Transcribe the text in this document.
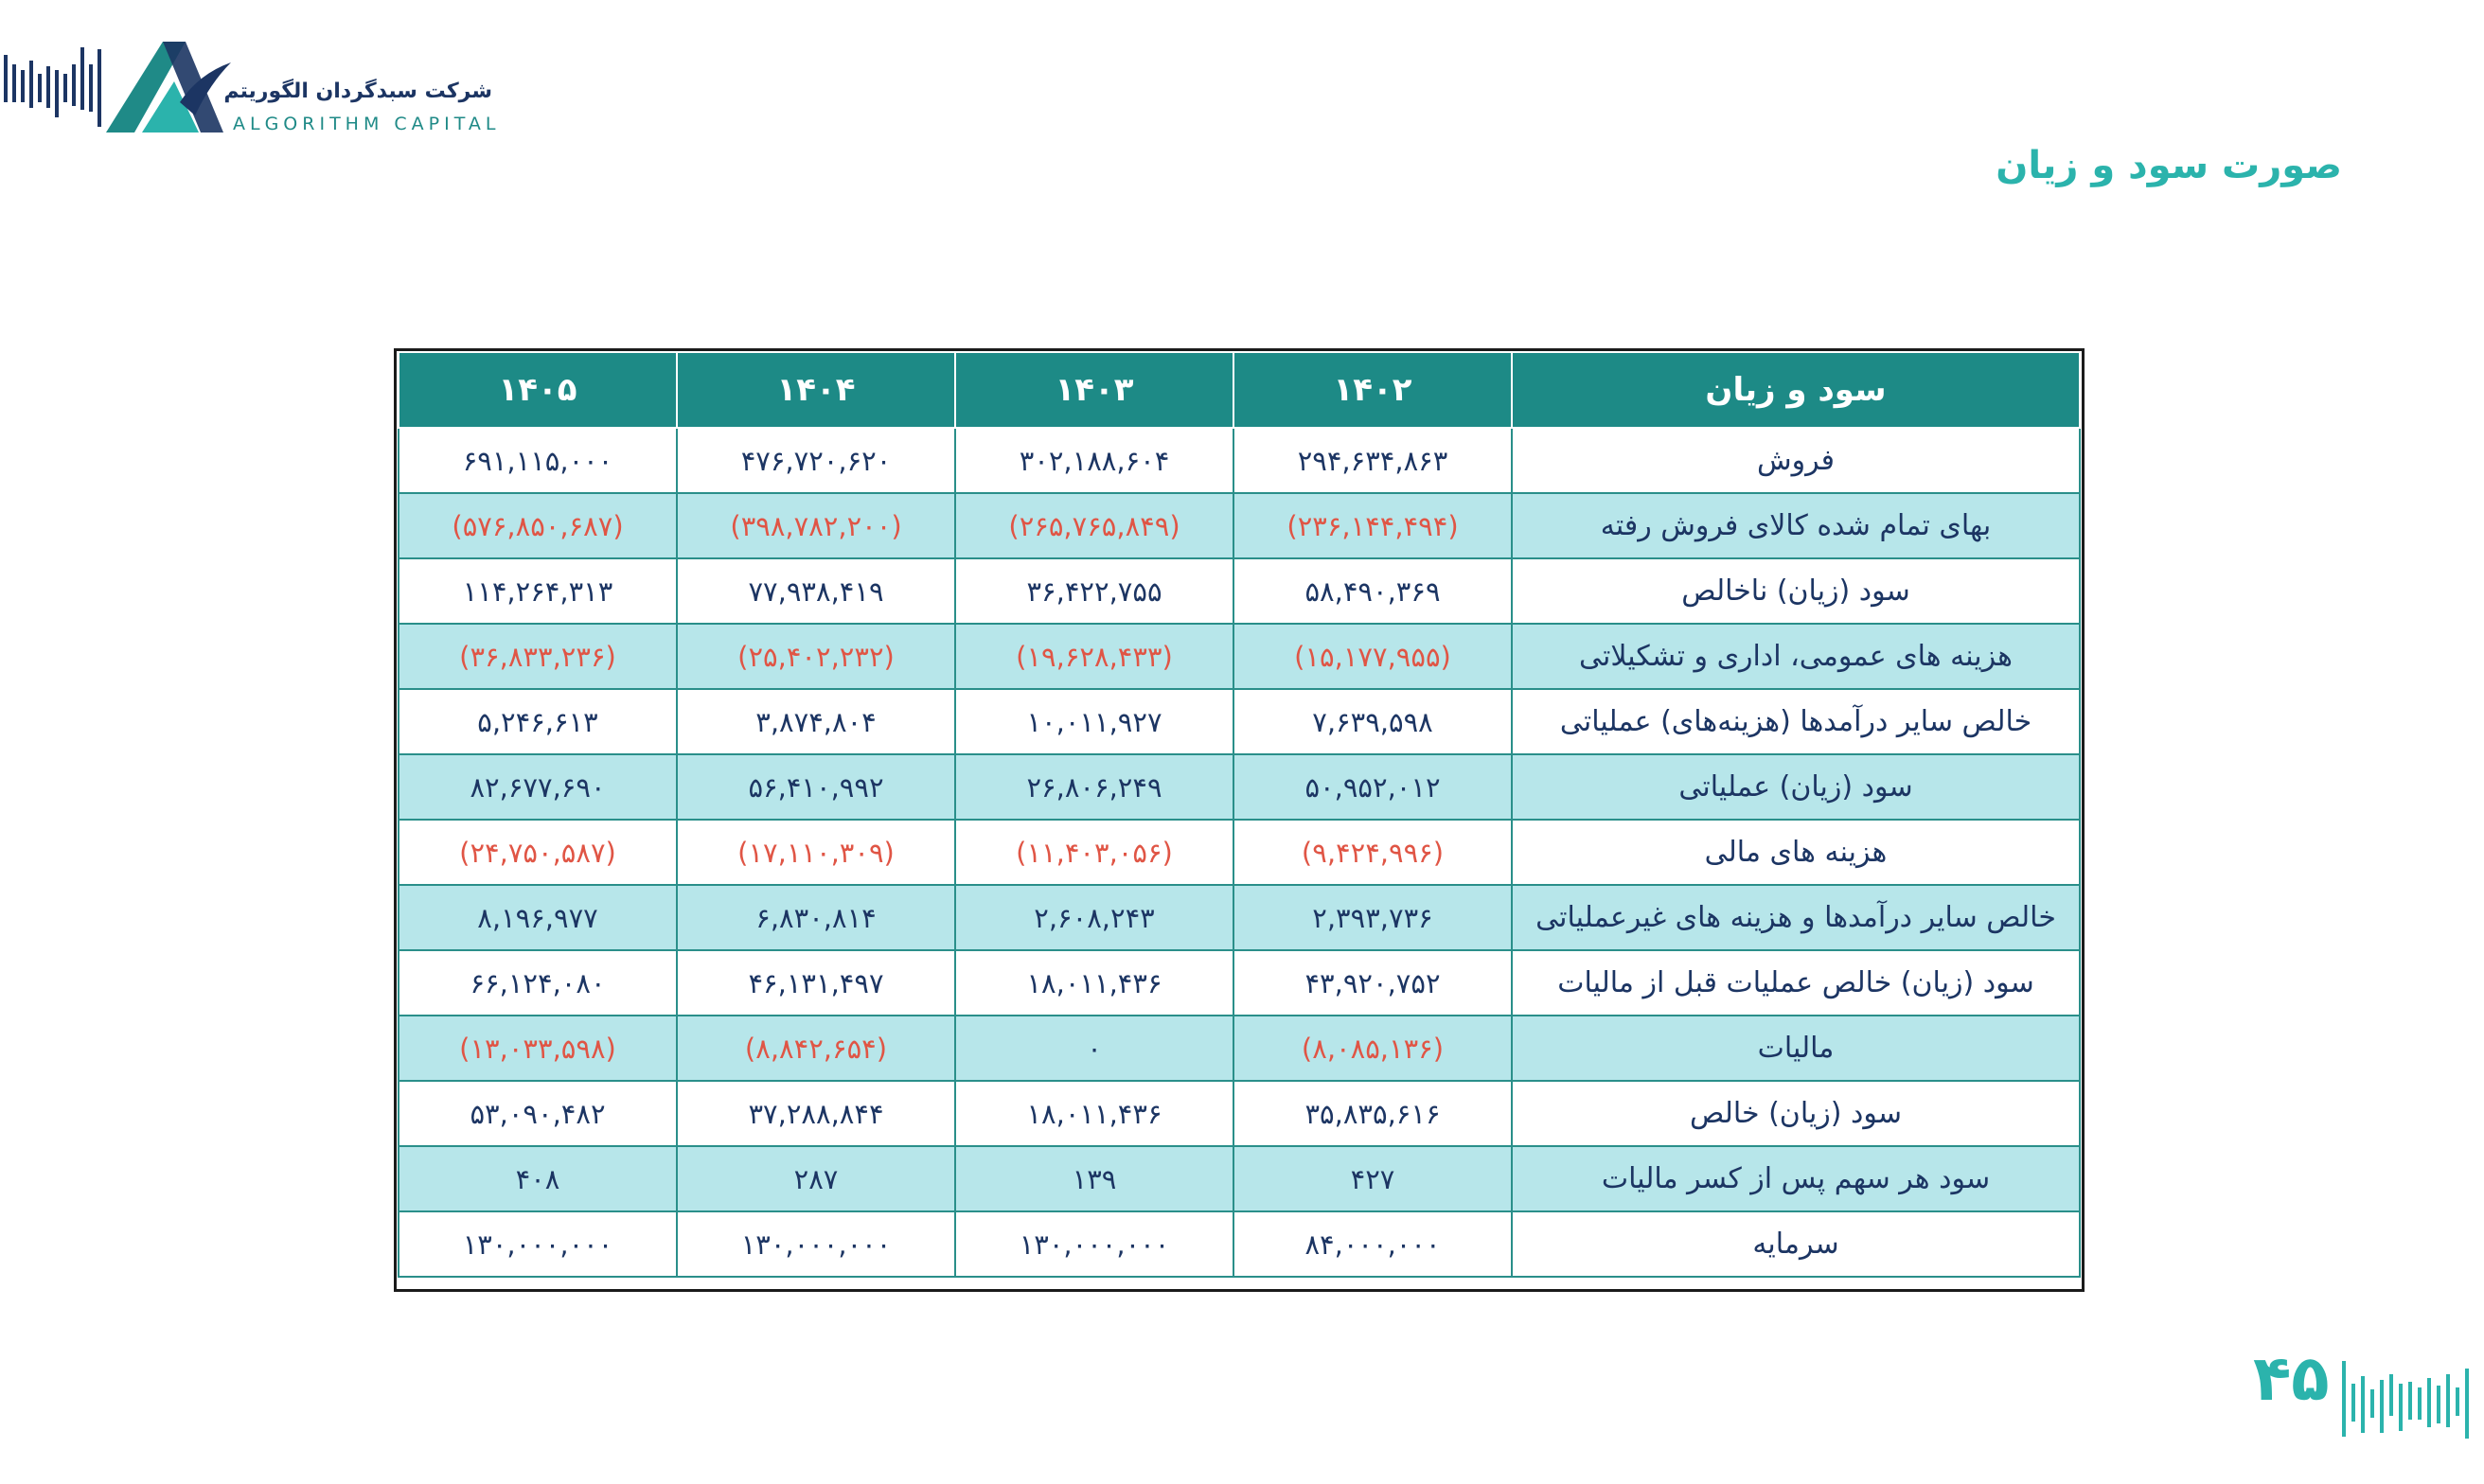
شرکت سبدگردان الگوریتم
ALGORITHM CAPITAL
صورت سود و زیان
سود و زیان	۱۴۰۲	۱۴۰۳	۱۴۰۴	۱۴۰۵
فروش	۲۹۴,۶۳۴,۸۶۳	۳۰۲,۱۸۸,۶۰۴	۴۷۶,۷۲۰,۶۲۰	۶۹۱,۱۱۵,۰۰۰
بهای تمام شده کالای فروش رفته	(۲۳۶,۱۴۴,۴۹۴)	(۲۶۵,۷۶۵,۸۴۹)	(۳۹۸,۷۸۲,۲۰۰)	(۵۷۶,۸۵۰,۶۸۷)
سود (زیان) ناخالص	۵۸,۴۹۰,۳۶۹	۳۶,۴۲۲,۷۵۵	۷۷,۹۳۸,۴۱۹	۱۱۴,۲۶۴,۳۱۳
هزینه های عمومی، اداری و تشکیلاتی	(۱۵,۱۷۷,۹۵۵)	(۱۹,۶۲۸,۴۳۳)	(۲۵,۴۰۲,۲۳۲)	(۳۶,۸۳۳,۲۳۶)
خالص سایر درآمدها (هزینه‌های) عملیاتی	۷,۶۳۹,۵۹۸	۱۰,۰۱۱,۹۲۷	۳,۸۷۴,۸۰۴	۵,۲۴۶,۶۱۳
سود (زیان) عملیاتی	۵۰,۹۵۲,۰۱۲	۲۶,۸۰۶,۲۴۹	۵۶,۴۱۰,۹۹۲	۸۲,۶۷۷,۶۹۰
هزینه های مالی	(۹,۴۲۴,۹۹۶)	(۱۱,۴۰۳,۰۵۶)	(۱۷,۱۱۰,۳۰۹)	(۲۴,۷۵۰,۵۸۷)
خالص سایر درآمدها و هزینه های غیرعملیاتی	۲,۳۹۳,۷۳۶	۲,۶۰۸,۲۴۳	۶,۸۳۰,۸۱۴	۸,۱۹۶,۹۷۷
سود (زیان) خالص عملیات قبل از مالیات	۴۳,۹۲۰,۷۵۲	۱۸,۰۱۱,۴۳۶	۴۶,۱۳۱,۴۹۷	۶۶,۱۲۴,۰۸۰
مالیات	(۸,۰۸۵,۱۳۶)	۰	(۸,۸۴۲,۶۵۴)	(۱۳,۰۳۳,۵۹۸)
سود (زیان) خالص	۳۵,۸۳۵,۶۱۶	۱۸,۰۱۱,۴۳۶	۳۷,۲۸۸,۸۴۴	۵۳,۰۹۰,۴۸۲
سود هر سهم پس از کسر مالیات	۴۲۷	۱۳۹	۲۸۷	۴۰۸
سرمایه	۸۴,۰۰۰,۰۰۰	۱۳۰,۰۰۰,۰۰۰	۱۳۰,۰۰۰,۰۰۰	۱۳۰,۰۰۰,۰۰۰
۴۵
